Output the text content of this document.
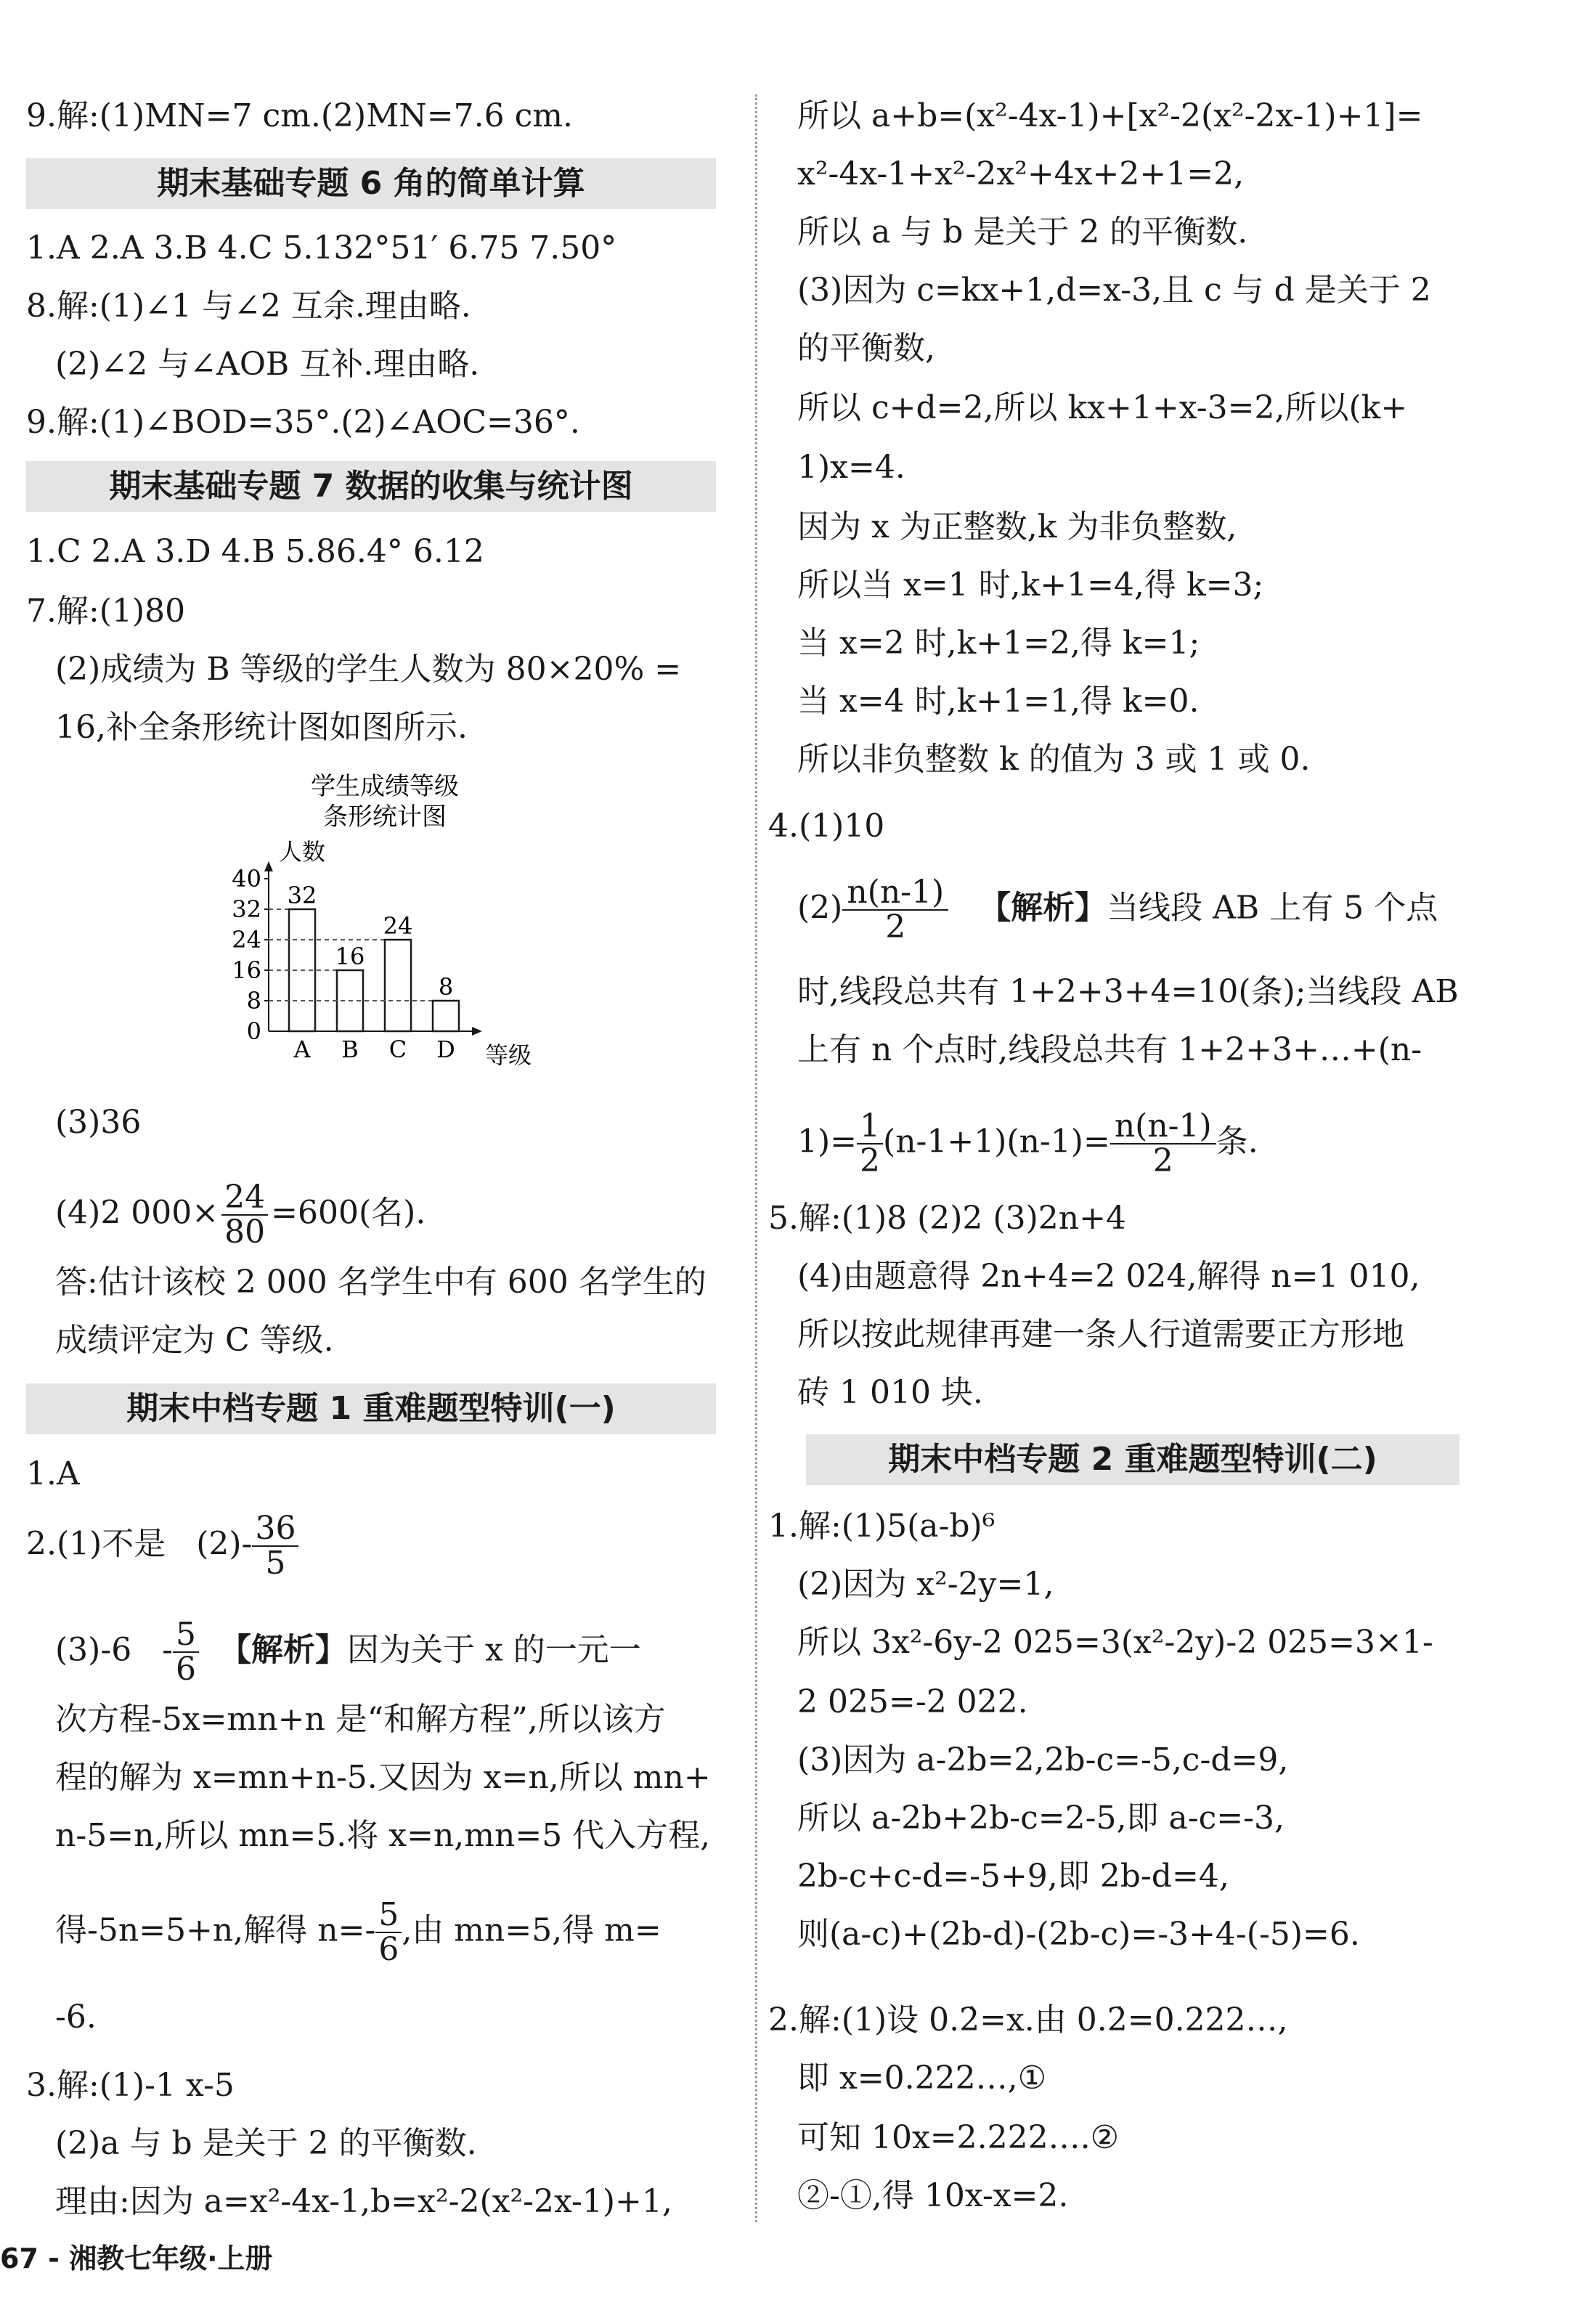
9.解:(1)MN=7 cm.(2)MN=7.6 cm.
期末基础专题 6 角的简单计算
1.A 2.A 3.B 4.C 5.132°51′ 6.75 7.50°
8.解:(1)∠1 与∠2 互余.理由略.
(2)∠2 与∠AOB 互补.理由略.
9.解:(1)∠BOD=35°.(2)∠AOC=36°.
期末基础专题 7 数据的收集与统计图
1.C 2.A 3.D 4.B 5.86.4° 6.12
7.解:(1)80
(2)成绩为 B 等级的学生人数为 80×20% =
16,补全条形统计图如图所示.
学生成绩等级
条形统计图
人数
等级
0
8
16
24
32
40
32
A
16
B
24
C
8
D
(3)36
(4)2 $000\times \frac{24}{80} =600$(名).
答:估计该校 2 000 名学生中有 600 名学生的
成绩评定为 C 等级.
期末中档专题 1 重难题型特训(一)
1.A
2.(1)不是   $(2)- \frac{36}{5}$
$(3)-6 - \frac{5}{6}$ 【解析】因为关于 x 的一元一
次方程-5x=mn+n 是“和解方程”,所以该方
程的解为 x=mn+n-5.又因为 x=n,所以 mn+
n-5=n,所以 mn=5.将 x=n,mn=5 代入方程,
得-5n=5+n,解得 $n=- \frac{5}{6}$ ,由 mn=5,得 m=
-6.
3.解:(1)-1 x-5
(2)a 与 b 是关于 2 的平衡数.
理由:因为 a=x²-4x-1,b=x²-2(x²-2x-1)+1,
所以 a+b=(x²-4x-1)+[x²-2(x²-2x-1)+1]=
x²-4x-1+x²-2x²+4x+2+1=2,
所以 a 与 b 是关于 2 的平衡数.
(3)因为 c=kx+1,d=x-3,且 c 与 d 是关于 2
的平衡数,
所以 c+d=2,所以 kx+1+x-3=2,所以(k+
1)x=4.
因为 x 为正整数,k 为非负整数,
所以当 x=1 时,k+1=4,得 k=3;
当 x=2 时,k+1=2,得 k=1;
当 x=4 时,k+1=1,得 k=0.
所以非负整数 k 的值为 3 或 1 或 0.
4.(1)10
$(2) \frac{n(n-1)}{2}$ 【解析】当线段 AB 上有 5 个点
时,线段总共有 1+2+3+4=10(条);当线段 AB
上有 n 个点时,线段总共有 1+2+3+…+(n-
$1)= \frac{1}{2} (n-1+1)(n-1)= \frac{n(n-1)}{2}$ 条.
5.解:(1)8 (2)2 (3)2n+4
(4)由题意得 2n+4=2 024,解得 n=1 010,
所以按此规律再建一条人行道需要正方形地
砖 1 010 块.
期末中档专题 2 重难题型特训(二)
1.解:(1)5(a-b)⁶
(2)因为 x²-2y=1,
所以 3x²-6y-2 025=3(x²-2y)-2 025=3×1-
2 025=-2 022.
(3)因为 a-2b=2,2b-c=-5,c-d=9,
所以 a-2b+2b-c=2-5,即 a-c=-3,
2b-c+c-d=-5+9,即 2b-d=4,
则(a-c)+(2b-d)-(2b-c)=-3+4-(-5)=6.
2.解:(1)设 0.2̇=x.由 0.2̇=0.222…,
即 x=0.222…,①
可知 10x=2.222….②
②-①,得 10x-x=2.
67 - 湘教七年级·上册
